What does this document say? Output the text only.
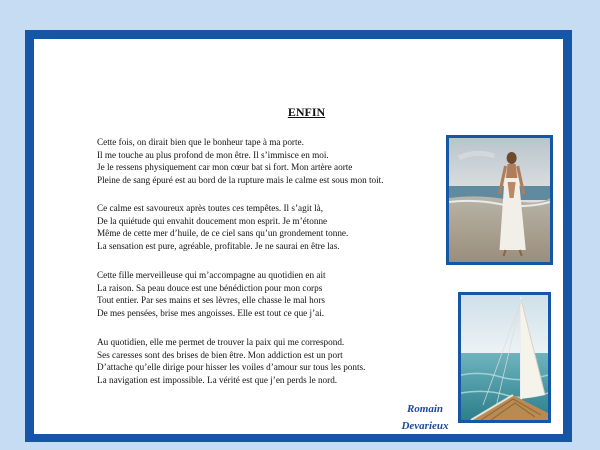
ENFIN
Cette fois, on dirait bien que le bonheur tape à ma porte.
Il me touche au plus profond de mon être. Il s’immisce en moi.
Je le ressens physiquement car mon cœur bat si fort. Mon artère aorte
Pleine de sang épuré est au bord de la rupture mais le calme est sous mon toit.
Ce calme est savoureux après toutes ces tempêtes. Il s’agit là,
De la quiétude qui envahit doucement mon esprit. Je m’étonne
Même de cette mer d’huile, de ce ciel sans qu’un grondement tonne.
La sensation est pure, agréable, profitable. Je ne saurai en être las.
Cette fille merveilleuse qui m’accompagne au quotidien en ait
La raison. Sa peau douce est une bénédiction pour mon corps
Tout entier. Par ses mains et ses lèvres, elle chasse le mal hors
De mes pensées, brise mes angoisses. Elle est tout ce que j’ai.
Au quotidien, elle me permet de trouver la paix qui me correspond.
Ses caresses sont des brises de bien être. Mon addiction est un port
D’attache qu’elle dirige pour hisser les voiles d’amour sur tous les ponts.
La navigation est impossible. La vérité est que j’en perds le nord.
Romain
Devarieux
